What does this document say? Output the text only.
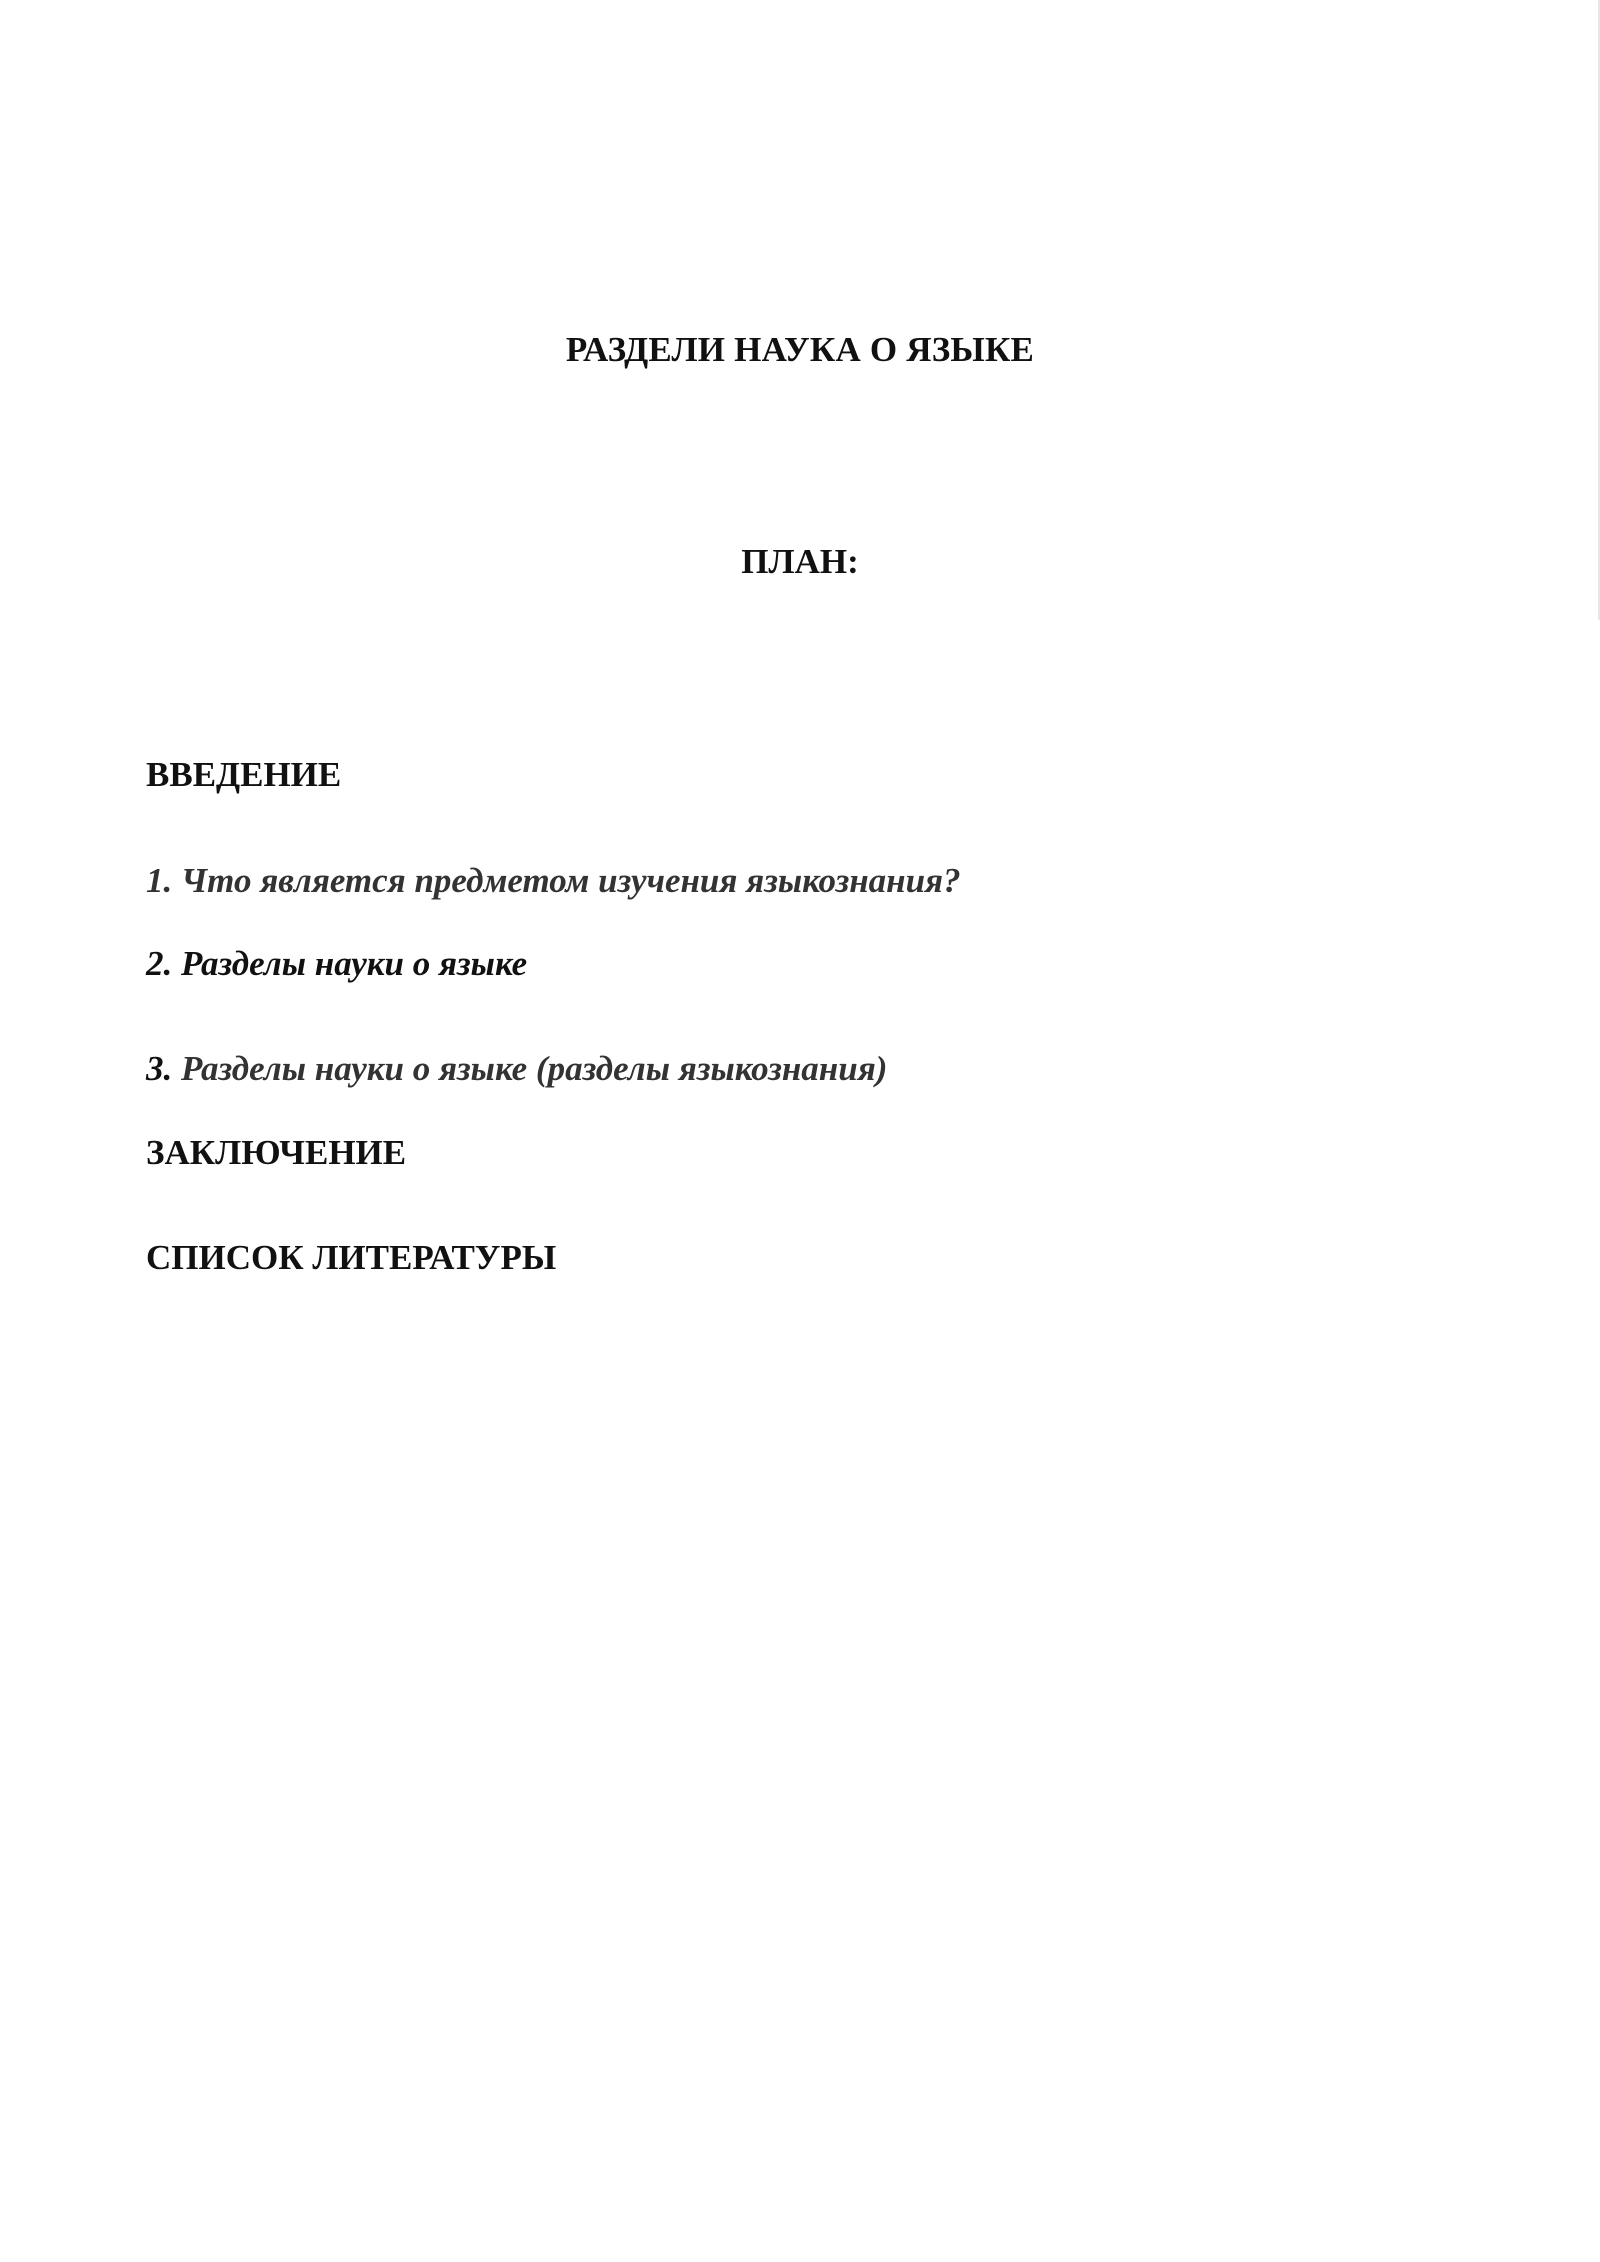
РАЗДЕЛИ НАУКА О ЯЗЫКЕ
ПЛАН:
ВВЕДЕНИЕ
1. Что является предметом изучения языкознания?
2. Разделы науки о языке
3. Разделы науки о языке (разделы языкознания)
ЗАКЛЮЧЕНИЕ
СПИСОК ЛИТЕРАТУРЫ
